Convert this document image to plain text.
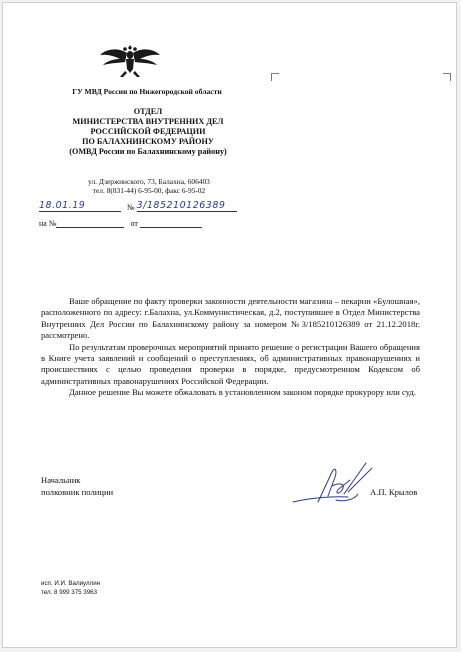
ГУ МВД России по Нижегородской области
ОТДЕЛ
МИНИСТЕРСТВА ВНУТРЕННИХ ДЕЛ
РОССИЙСКОЙ ФЕДЕРАЦИИ
ПО БАЛАХНИНСКОМУ РАЙОНУ
(ОМВД России по Балахнинскому району)
ул. Дзержинского, 73, Балахна, 606403
тел. 8(831-44) 6-95-00, факс 6-95-02
18.01.19	№ 3/185210126389
на №	от

Ваше обращение по факту проверки законности деятельности магазина – пекарни «Булошная», расположенного по адресу: г.Балахна, ул.Коммунистическая, д.2, поступившее в Отдел Министерства Внутренних Дел России по Балахнинскому району за номером №3/185210126389 от 21.12.2018г. рассмотрено.

По результатам проверочных мероприятий принято решение о регистрации Вашего обращения в Книге учета заявлений и сообщений о преступлениях, об административных правонарушениях и происшествиях с целью проведения проверки в порядке, предусмотренном Кодексом об административных правонарушениях Российской Федерации.

Данное решение Вы можете обжаловать в установленном законом порядке прокурору или суд.

Начальник
полковник полиции	А.П. Крылов
исп. И.И. Валиуллин
тел. 8 999 375 3963
